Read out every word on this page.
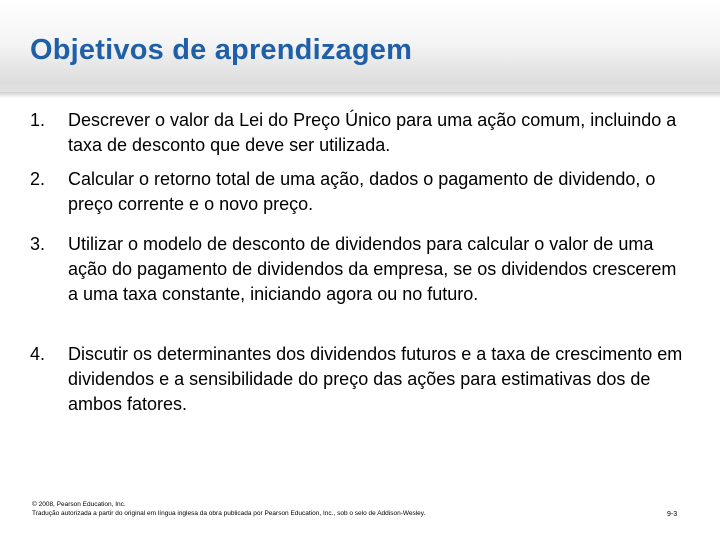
Objetivos de aprendizagem
1. Descrever o valor da Lei do Preço Único para uma ação comum, incluindo a taxa de desconto que deve ser utilizada.
2. Calcular o retorno total de uma ação, dados o pagamento de dividendo, o preço corrente e o novo preço.
3. Utilizar o modelo de desconto de dividendos para calcular o valor de uma ação do pagamento de dividendos da empresa, se os dividendos crescerem a uma taxa constante, iniciando agora ou no futuro.
4. Discutir os determinantes dos dividendos futuros e a taxa de crescimento em dividendos e a sensibilidade do preço das ações para estimativas dos de ambos fatores.
© 2008, Pearson Education, Inc.
Tradução autorizada a partir do original em língua inglesa da obra publicada por Pearson Education, Inc., sob o selo de Addison-Wesley.	9-3
